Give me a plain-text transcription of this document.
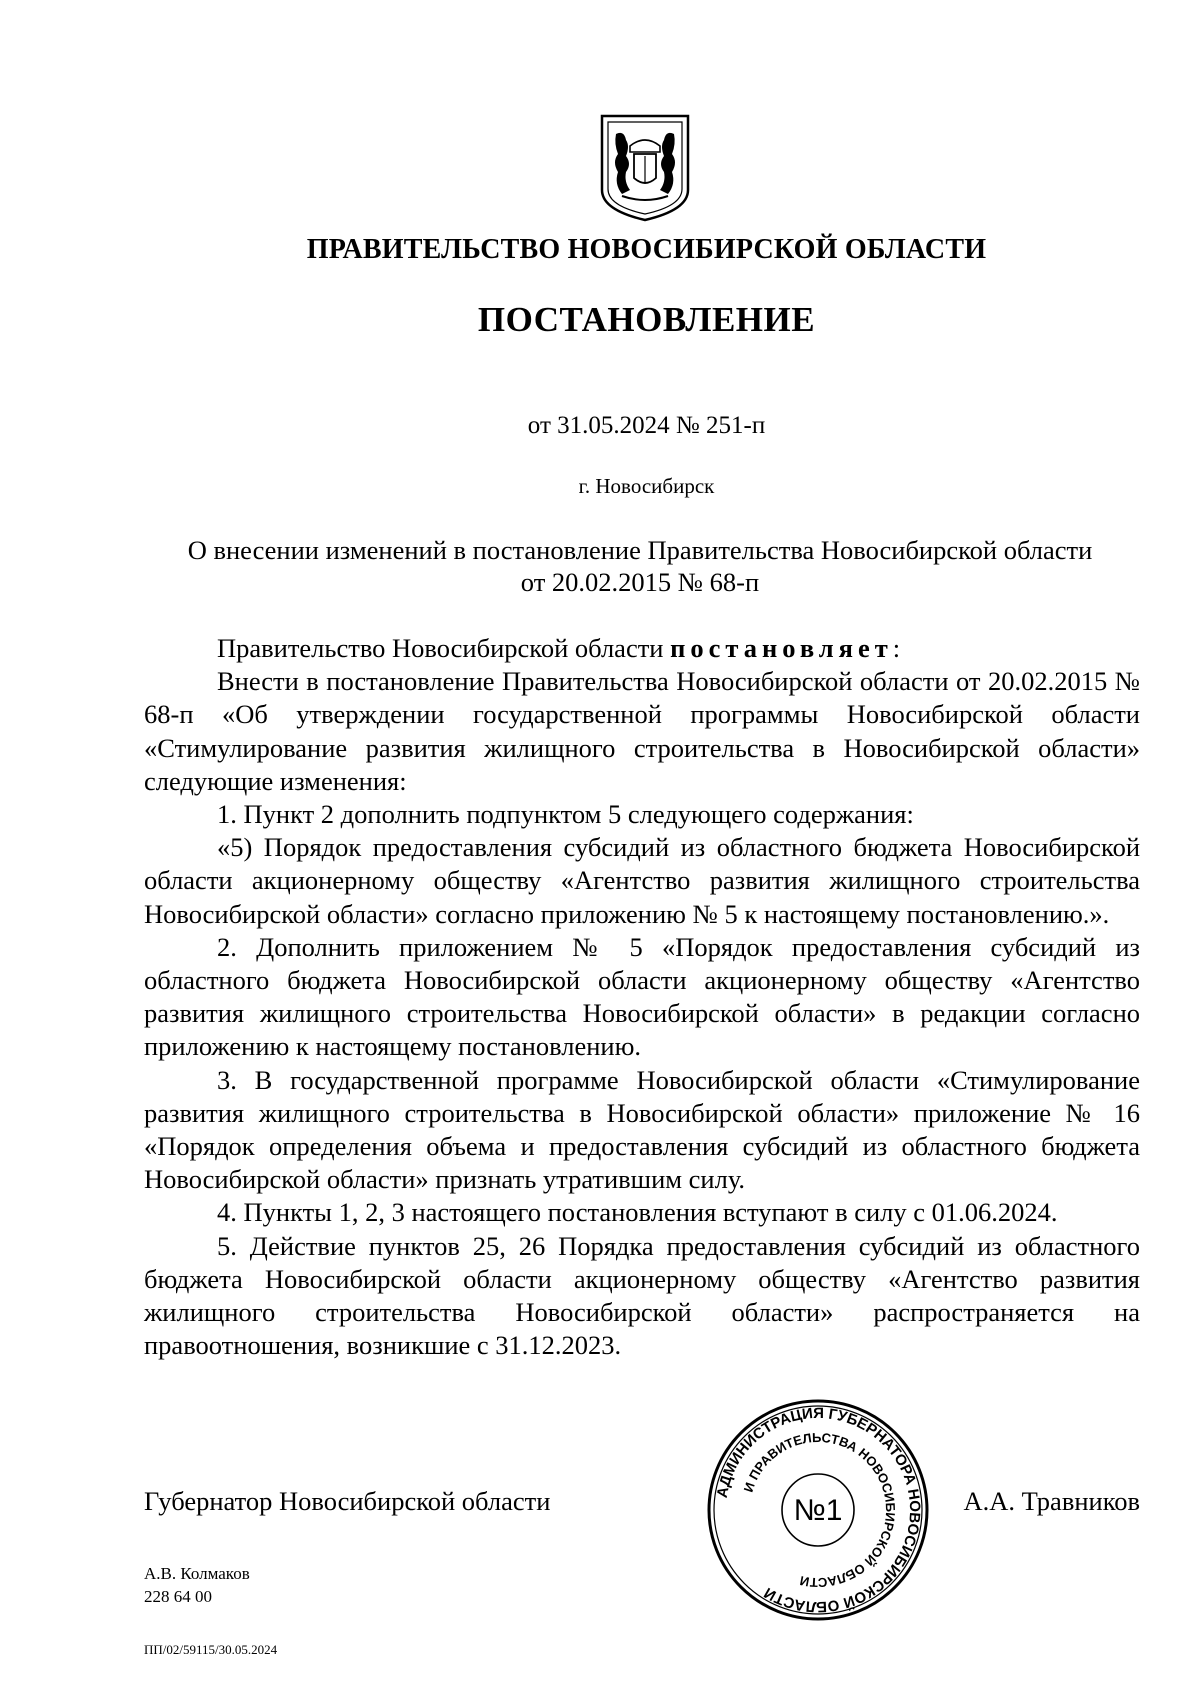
ПРАВИТЕЛЬСТВО НОВОСИБИРСКОЙ ОБЛАСТИ
ПОСТАНОВЛЕНИЕ
от 31.05.2024 № 251-п
г. Новосибирск
О внесении изменений в постановление Правительства Новосибирской области
от 20.02.2015 № 68-п

Правительство Новосибирской области постановляет:

Внести в постановление Правительства Новосибирской области от 20.02.2015 № 68-п «Об утверждении государственной программы Новосибирской области «Стимулирование развития жилищного строительства в Новосибирской области» следующие изменения:

1. Пункт 2 дополнить подпунктом 5 следующего содержания:

«5) Порядок предоставления субсидий из областного бюджета Новосибирской области акционерному обществу «Агентство развития жилищного строительства Новосибирской области» согласно приложению № 5 к настоящему постановлению.».

2. Дополнить приложением № 5 «Порядок предоставления субсидий из областного бюджета Новосибирской области акционерному обществу «Агентство развития жилищного строительства Новосибирской области» в редакции согласно приложению к настоящему постановлению.

3. В государственной программе Новосибирской области «Стимулирование развития жилищного строительства в Новосибирской области» приложение № 16 «Порядок определения объема и предоставления субсидий из областного бюджета Новосибирской области» признать утратившим силу.

4. Пункты 1, 2, 3 настоящего постановления вступают в силу с 01.06.2024.

5. Действие пунктов 25, 26 Порядка предоставления субсидий из областного бюджета Новосибирской области акционерному обществу «Агентство развития жилищного строительства Новосибирской области» распространяется на правоотношения, возникшие с 31.12.2023.

Губернатор Новосибирской области	АДМИНИСТРАЦИЯ ГУБЕРНАТОРА НОВОСИБИРСКОЙ ОБЛАСТИ
И ПРАВИТЕЛЬСТВА НОВОСИБИРСКОЙ ОБЛАСТИ
№1	А.А. Травников
А.В. Колмаков
228 64 00
ПП/02/59115/30.05.2024
